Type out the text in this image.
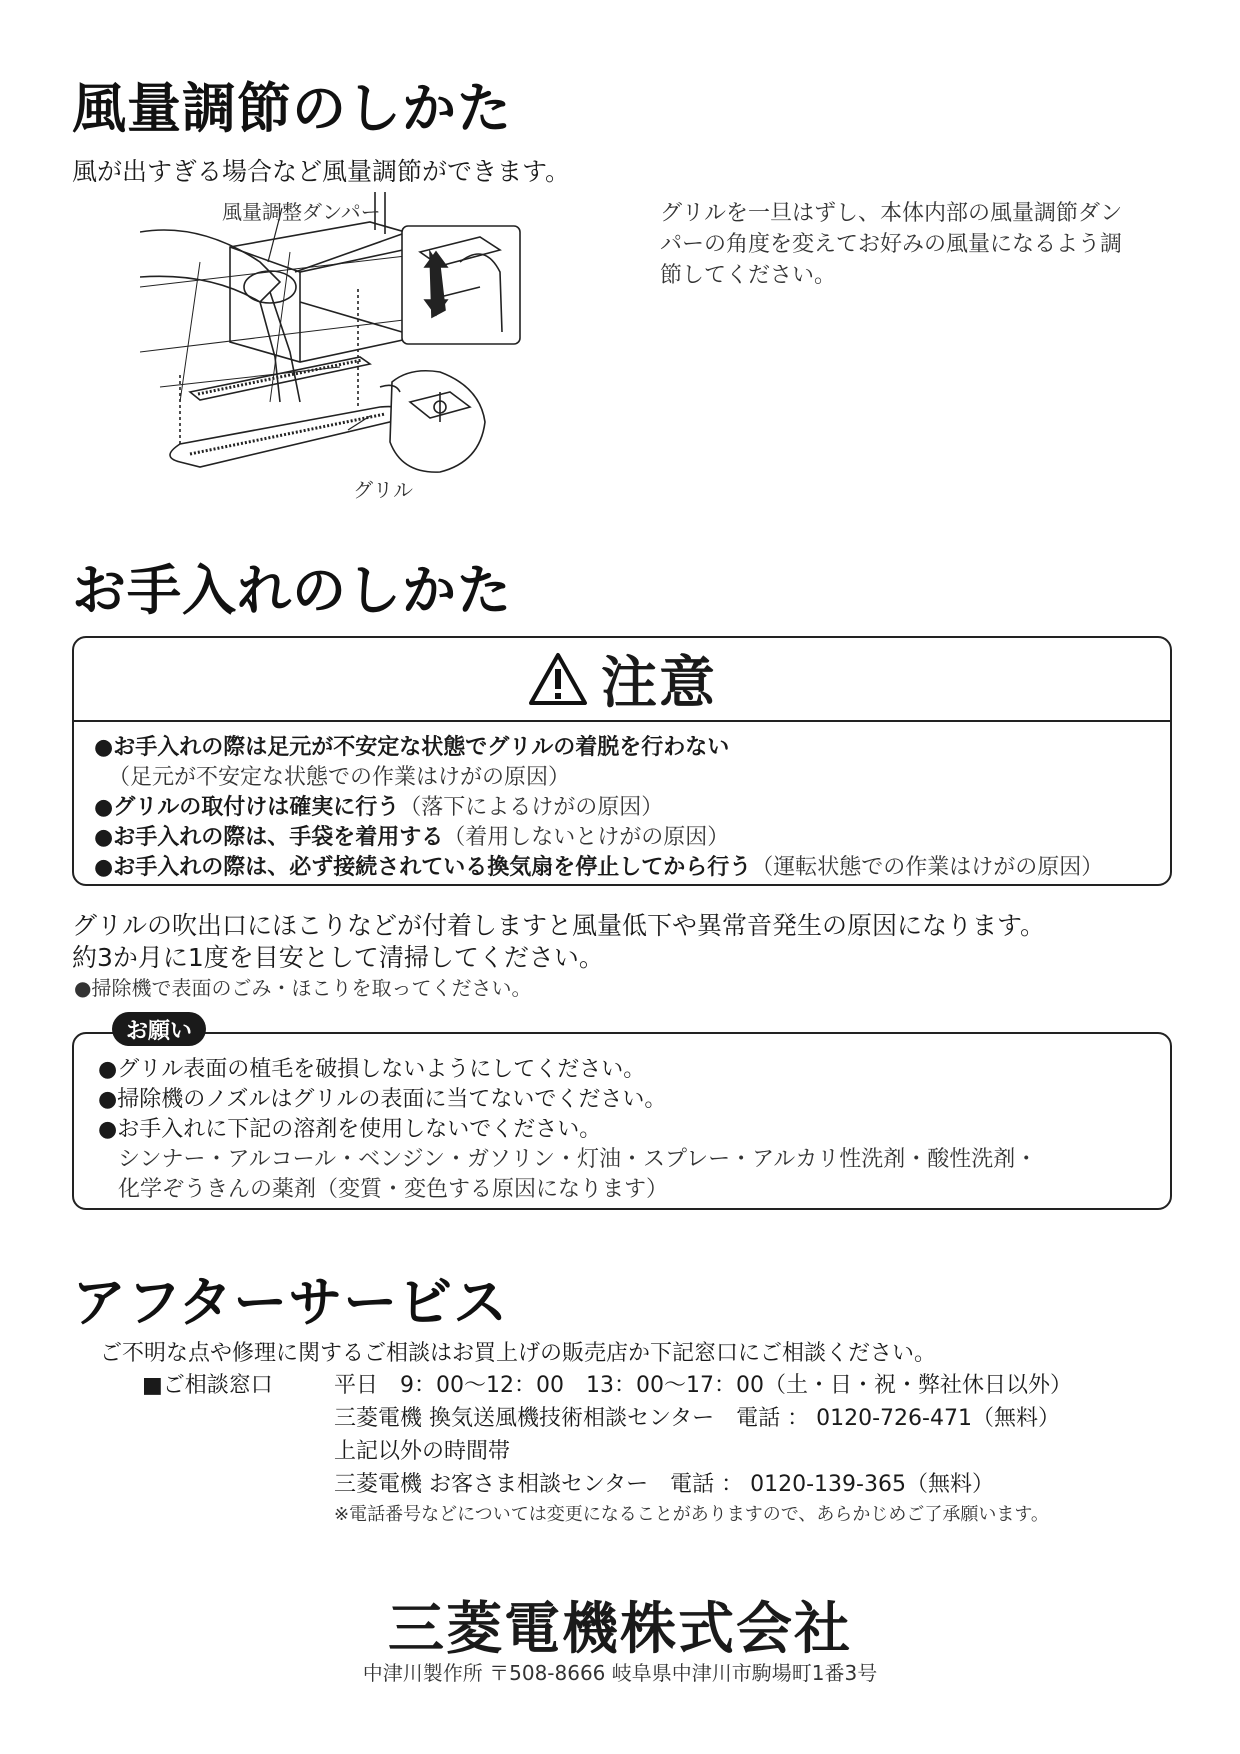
風量調節のしかた
風が出すぎる場合など風量調節ができます。
風量調整ダンパー
グリル
グリルを一旦はずし、本体内部の風量調節ダン
パーの角度を変えてお好みの風量になるよう調
節してください。
お手入れのしかた
注意
●お手入れの際は足元が不安定な状態でグリルの着脱を行わない
（足元が不安定な状態での作業はけがの原因）
●グリルの取付けは確実に行う（落下によるけがの原因）
●お手入れの際は、手袋を着用する（着用しないとけがの原因）
●お手入れの際は、必ず接続されている換気扇を停止してから行う（運転状態での作業はけがの原因）
グリルの吹出口にほこりなどが付着しますと風量低下や異常音発生の原因になります。
約3か月に1度を目安として清掃してください。
●掃除機で表面のごみ・ほこりを取ってください。
●グリル表面の植毛を破損しないようにしてください。
●掃除機のノズルはグリルの表面に当てないでください。
●お手入れに下記の溶剤を使用しないでください。
シンナー・アルコール・ベンジン・ガソリン・灯油・スプレー・アルカリ性洗剤・酸性洗剤・
化学ぞうきんの薬剤（変質・変色する原因になります）
お願い
アフターサービス
ご不明な点や修理に関するご相談はお買上げの販売店か下記窓口にご相談ください。
■ご相談窓口	平日　9：00～12：00　13：00～17：00（土・日・祝・弊社休日以外）
三菱電機 換気送風機技術相談センター　電話 ： 0120-726-471（無料）
上記以外の時間帯
三菱電機 お客さま相談センター　電話 ： 0120-139-365（無料）
※電話番号などについては変更になることがありますので、あらかじめご了承願います。
三菱電機株式会社
中津川製作所 〒508-8666 岐阜県中津川市駒場町1番3号
